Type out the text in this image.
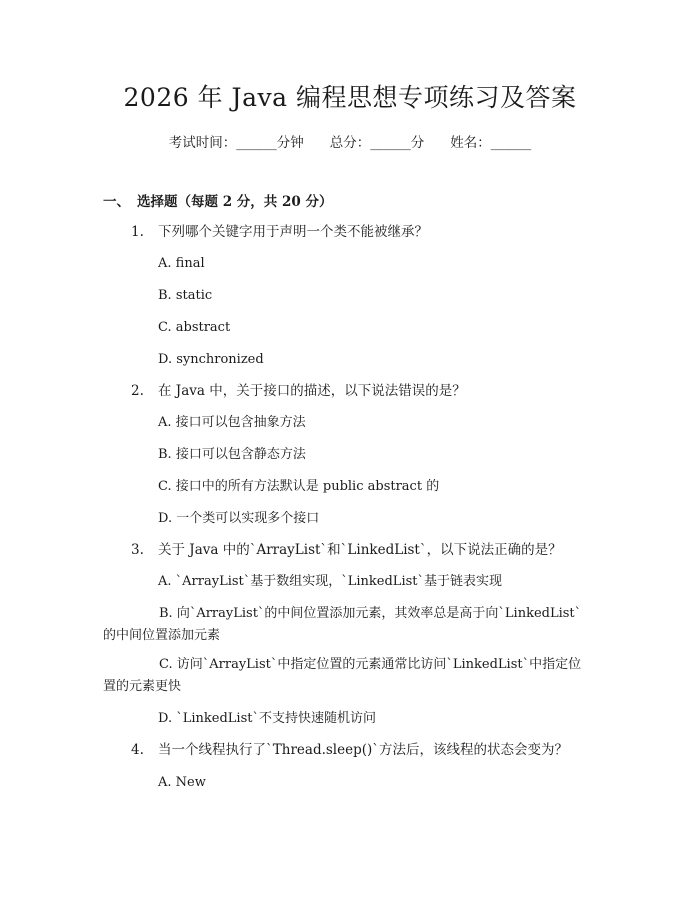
2026 年 Java 编程思想专项练习及答案
考试时间：______分钟 总分：______分 姓名：______
一、 选择题（每题 2 分，共 20 分）
1. 下列哪个关键字用于声明一个类不能被继承？
A. final
B. static
C. abstract
D. synchronized
2. 在 Java 中，关于接口的描述，以下说法错误的是？
A. 接口可以包含抽象方法
B. 接口可以包含静态方法
C. 接口中的所有方法默认是 public abstract 的
D. 一个类可以实现多个接口
3. 关于 Java 中的`ArrayList`和`LinkedList`，以下说法正确的是？
A. `ArrayList`基于数组实现，`LinkedList`基于链表实现
B. 向`ArrayList`的中间位置添加元素，其效率总是高于向`LinkedList`的中间位置添加元素
C. 访问`ArrayList`中指定位置的元素通常比访问`LinkedList`中指定位置的元素更快
D. `LinkedList`不支持快速随机访问
4. 当一个线程执行了`Thread.sleep()`方法后，该线程的状态会变为？
A. New
